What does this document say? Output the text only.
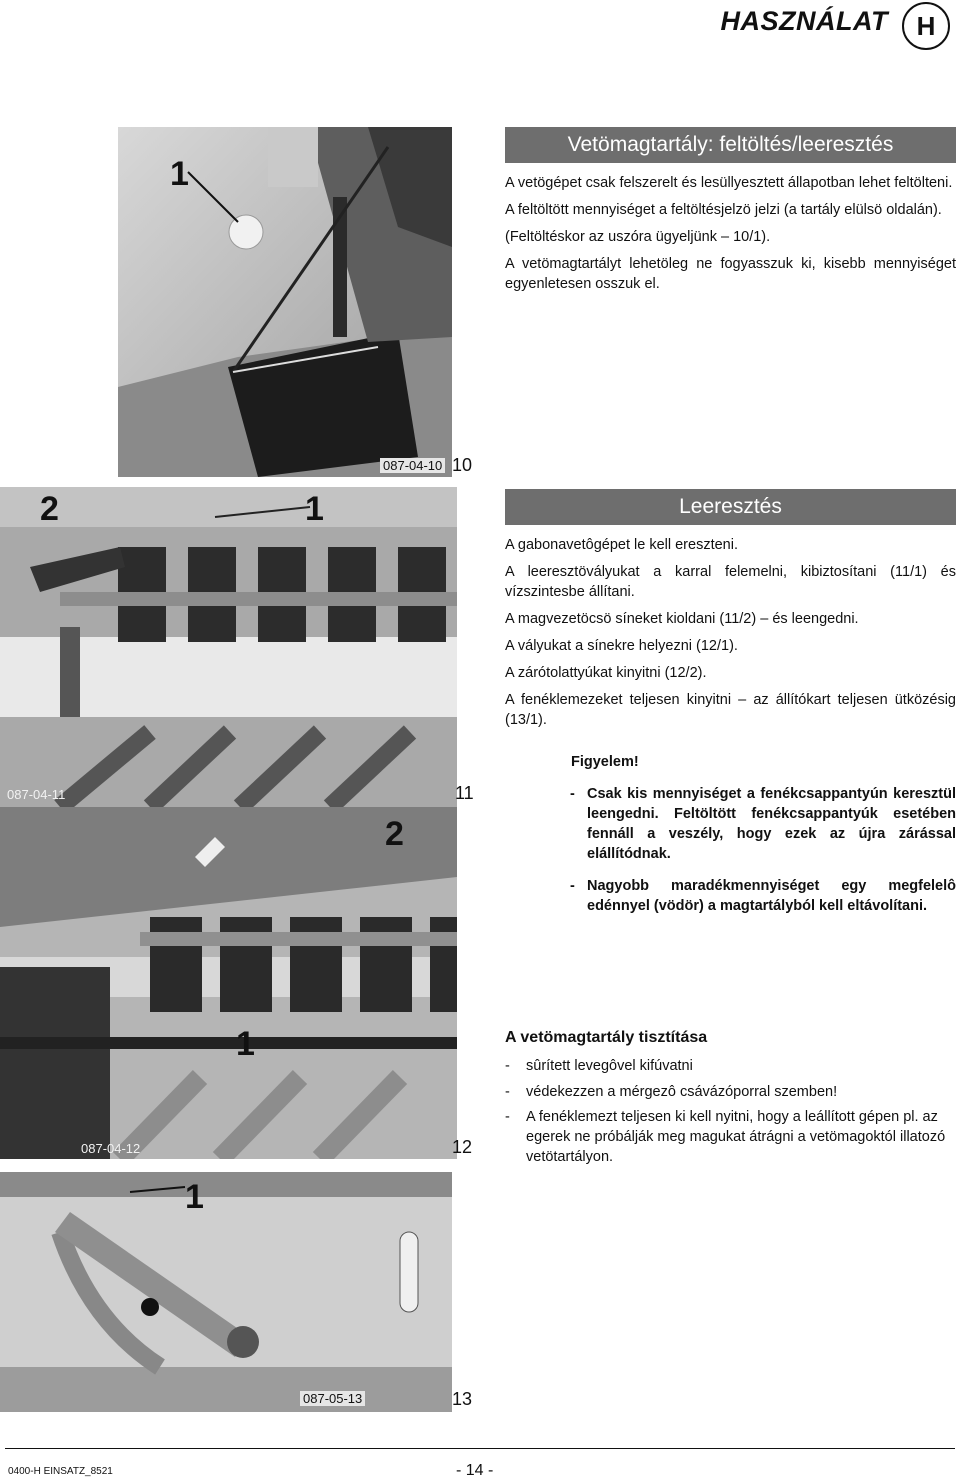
HASZNÁLAT	H
1
087-04-10 10
2	1
087-04-11	11
2
1
087-04-12	12
1
087-05-13	13
Vetömagtartály: feltöltés/leeresztés

A vetögépet csak felszerelt és lesüllyesztett állapotban lehet feltölteni.

A feltöltött mennyiséget a feltöltésjelzö jelzi (a tartály elülsö oldalán).

(Feltöltéskor az uszóra ügyeljünk – 10/1).

A vetömagtartályt lehetöleg ne fogyasszuk ki, kisebb mennyiséget egyenletesen osszuk el.

Leeresztés

A gabonavetôgépet le kell ereszteni.

A leeresztövályukat a karral felemelni, kibiztosítani (11/1) és vízszintesbe állítani.

A magvezetöcsö síneket kioldani (11/2) – és leengedni.

A vályukat a sínekre helyezni (12/1).

A zárótolattyúkat kinyitni (12/2).

A fenéklemezeket teljesen kinyitni – az állítókart teljesen ütközésig (13/1).

Figyelem!
- Csak kis mennyiséget a fenékcsappantyún keresztül leengedni. Feltöltött fenékcsappantyúk esetében fennáll a veszély, hogy ezek az újra zárással elállítódnak.
- Nagyobb maradékmennyiséget egy megfelelô edénnyel (vödör) a magtartályból kell eltávolítani.
A vetömagtartály tisztítása
- sûrített levegôvel kifúvatni
- védekezzen a mérgezô csávázóporral szemben!
- A fenéklemezt teljesen ki kell nyitni, hogy a leállított gépen pl. az egerek ne próbálják meg magukat átrágni a vetömagoktól illatozó vetötartályon.
0400-H EINSATZ_8521	- 14 -
